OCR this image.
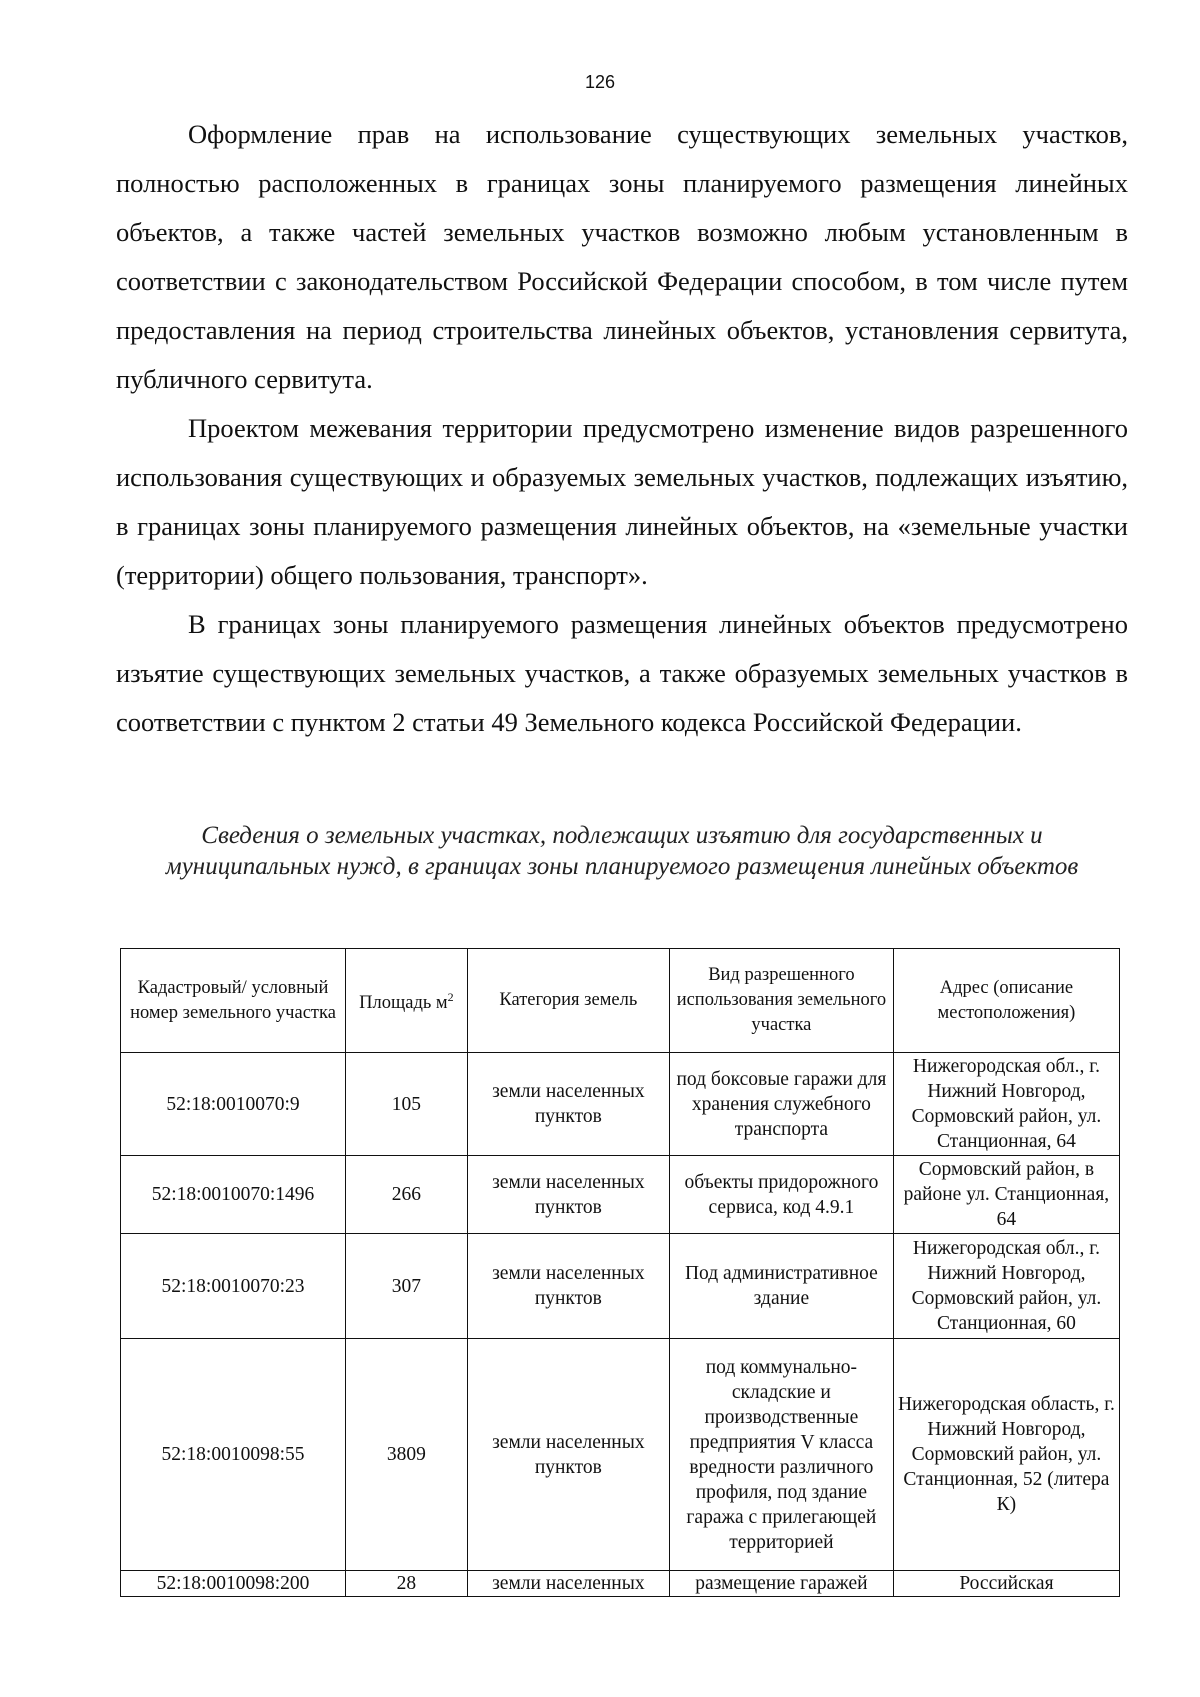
126

Оформление прав на использование существующих земельных участков, полностью расположенных в границах зоны планируемого размещения линейных объектов, а также частей земельных участков возможно любым установленным в соответствии с законодательством Российской Федерации способом, в том числе путем предоставления на период строительства линейных объектов, установления сервитута, публичного сервитута.

Проектом межевания территории предусмотрено изменение видов разрешенного использования существующих и образуемых земельных участков, подлежащих изъятию, в границах зоны планируемого размещения линейных объектов, на «земельные участки (территории) общего пользования, транспорт».

В границах зоны планируемого размещения линейных объектов предусмотрено изъятие существующих земельных участков, а также образуемых земельных участков в соответствии с пунктом 2 статьи 49 Земельного кодекса Российской Федерации.

Сведения о земельных участках, подлежащих изъятию для государственных и муниципальных нужд, в границах зоны планируемого размещения линейных объектов
Кадастровый/ условный номер земельного участка	Площадь $м^2$	Категория земель	Вид разрешенного использования земельного участка	Адрес (описание местоположения)
52:18:0010070:9	105	земли населенных пунктов	под боксовые гаражи для хранения служебного транспорта	Нижегородская обл., г. Нижний Новгород, Сормовский район, ул. Станционная, 64
52:18:0010070:1496	266	земли населенных пунктов	объекты придорожного сервиса, код 4.9.1	Сормовский район, в районе ул. Станционная, 64
52:18:0010070:23	307	земли населенных пунктов	Под административное здание	Нижегородская обл., г. Нижний Новгород, Сормовский район, ул. Станционная, 60
52:18:0010098:55	3809	земли населенных пунктов	под коммунально-складские и производственные предприятия V класса вредности различного профиля, под здание гаража с прилегающей территорией	Нижегородская область, г. Нижний Новгород, Сормовский район, ул. Станционная, 52 (литера К)
52:18:0010098:200	28	земли населенных	размещение гаражей	Российская
